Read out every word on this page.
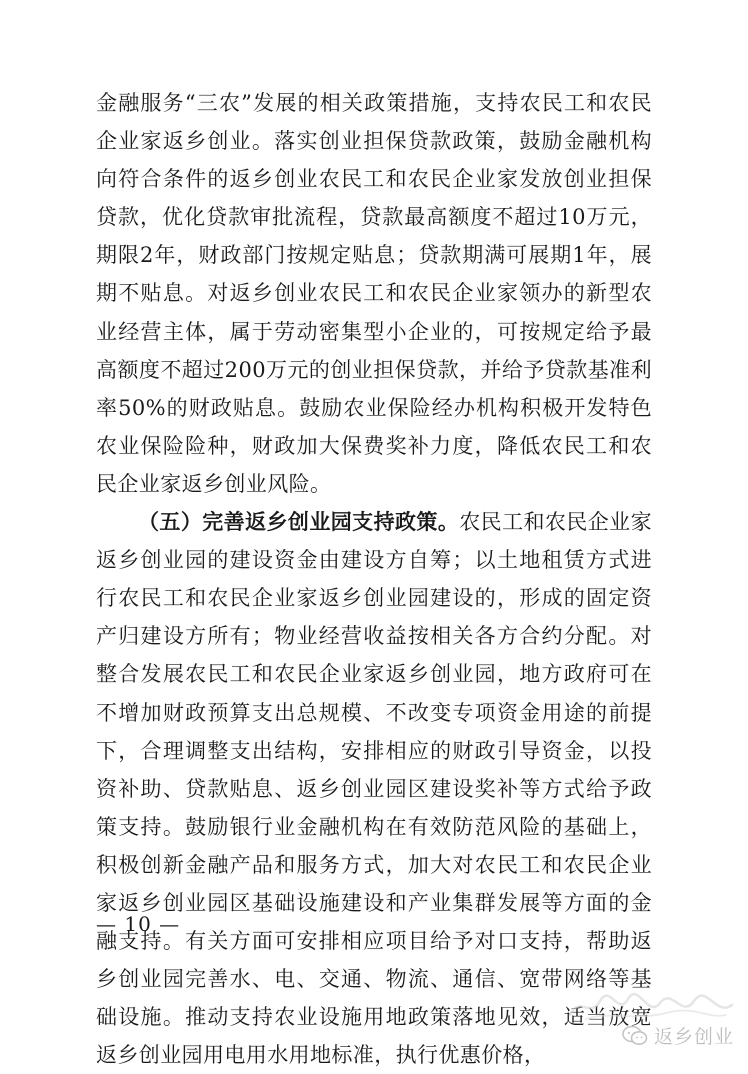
金融服务“三农”发展的相关政策措施，支持农民工和农民企业家返乡创业。落实创业担保贷款政策，鼓励金融机构向符合条件的返乡创业农民工和农民企业家发放创业担保贷款，优化贷款审批流程，贷款最高额度不超过10万元，期限2年，财政部门按规定贴息；贷款期满可展期1年，展期不贴息。对返乡创业农民工和农民企业家领办的新型农业经营主体，属于劳动密集型小企业的，可按规定给予最高额度不超过200万元的创业担保贷款，并给予贷款基准利率50%的财政贴息。鼓励农业保险经办机构积极开发特色农业保险险种，财政加大保费奖补力度，降低农民工和农民企业家返乡创业风险。

（五）完善返乡创业园支持政策。农民工和农民企业家返乡创业园的建设资金由建设方自筹；以土地租赁方式进行农民工和农民企业家返乡创业园建设的，形成的固定资产归建设方所有；物业经营收益按相关各方合约分配。对整合发展农民工和农民企业家返乡创业园，地方政府可在不增加财政预算支出总规模、不改变专项资金用途的前提下，合理调整支出结构，安排相应的财政引导资金，以投资补助、贷款贴息、返乡创业园区建设奖补等方式给予政策支持。鼓励银行业金融机构在有效防范风险的基础上，积极创新金融产品和服务方式，加大对农民工和农民企业家返乡创业园区基础设施建设和产业集群发展等方面的金融支持。有关方面可安排相应项目给予对口支持，帮助返乡创业园完善水、电、交通、物流、通信、宽带网络等基础设施。推动支持农业设施用地政策落地见效，适当放宽返乡创业园用电用水用地标准，执行优惠价格，

— 10 —
返乡创业
